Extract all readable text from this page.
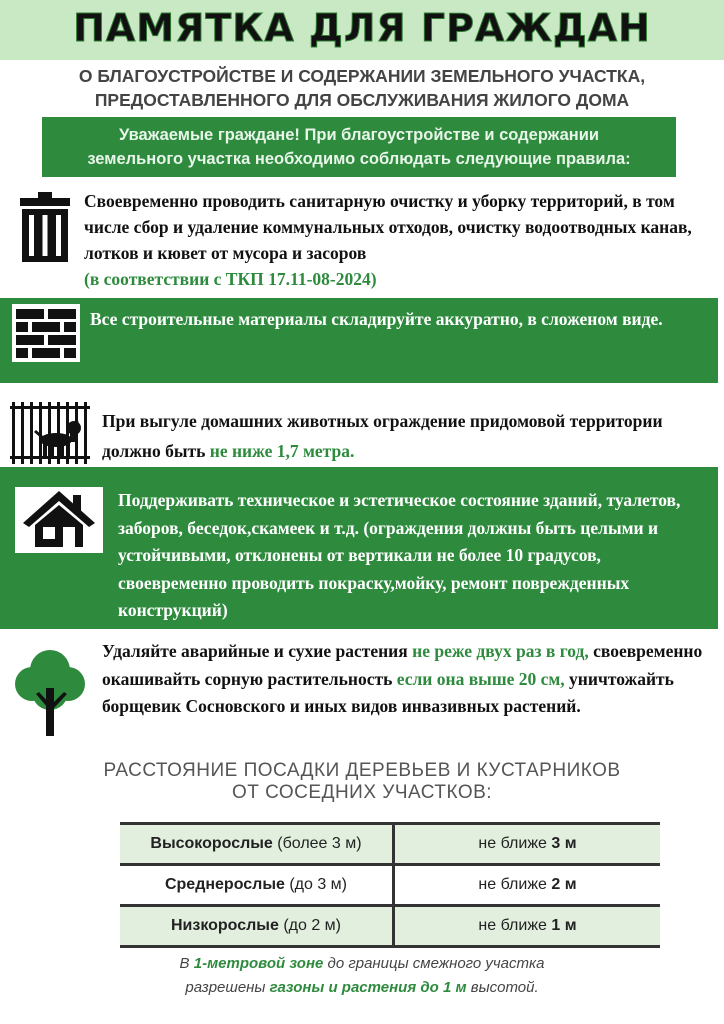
ПАМЯТКА ДЛЯ ГРАЖДАН
О БЛАГОУСТРОЙСТВЕ И СОДЕРЖАНИИ ЗЕМЕЛЬНОГО УЧАСТКА,
ПРЕДОСТАВЛЕННОГО ДЛЯ ОБСЛУЖИВАНИЯ ЖИЛОГО ДОМА
Уважаемые граждане! При благоустройстве и содержании
земельного участка необходимо соблюдать следующие правила:
Своевременно проводить санитарную очистку и уборку территорий, в том числе сбор и удаление коммунальных отходов, очистку водоотводных канав, лотков и кювет от мусора и засоров
(в соответствии с ТКП 17.11-08-2024)
Все строительные материалы складируйте аккуратно, в сложеном виде.
При выгуле домашних животных ограждение придомовой территории должно быть не ниже 1,7 метра.
Поддерживать техническое и эстетическое состояние зданий, туалетов, заборов, беседок,скамеек и т.д. (ограждения должны быть целыми и устойчивыми, отклонены от вертикали не более 10 градусов, своевременно проводить покраску,мойку, ремонт поврежденных конструкций)
Удаляйте аварийные и сухие растения не реже двух раз в год, своевременно окашивайть сорную растительность если она выше 20 см, уничтожайть борщевик Сосновского и иных видов инвазивных растений.
РАССТОЯНИЕ ПОСАДКИ ДЕРЕВЬЕВ И КУСТАРНИКОВ
ОТ СОСЕДНИХ УЧАСТКОВ:
Высокорослые (более 3 м)	не ближе 3 м
Среднерослые (до 3 м)	не ближе 2 м
Низкорослые (до 2 м)	не ближе 1 м
В 1-метровой зоне до границы смежного участка
разрешены газоны и растения до 1 м высотой.
